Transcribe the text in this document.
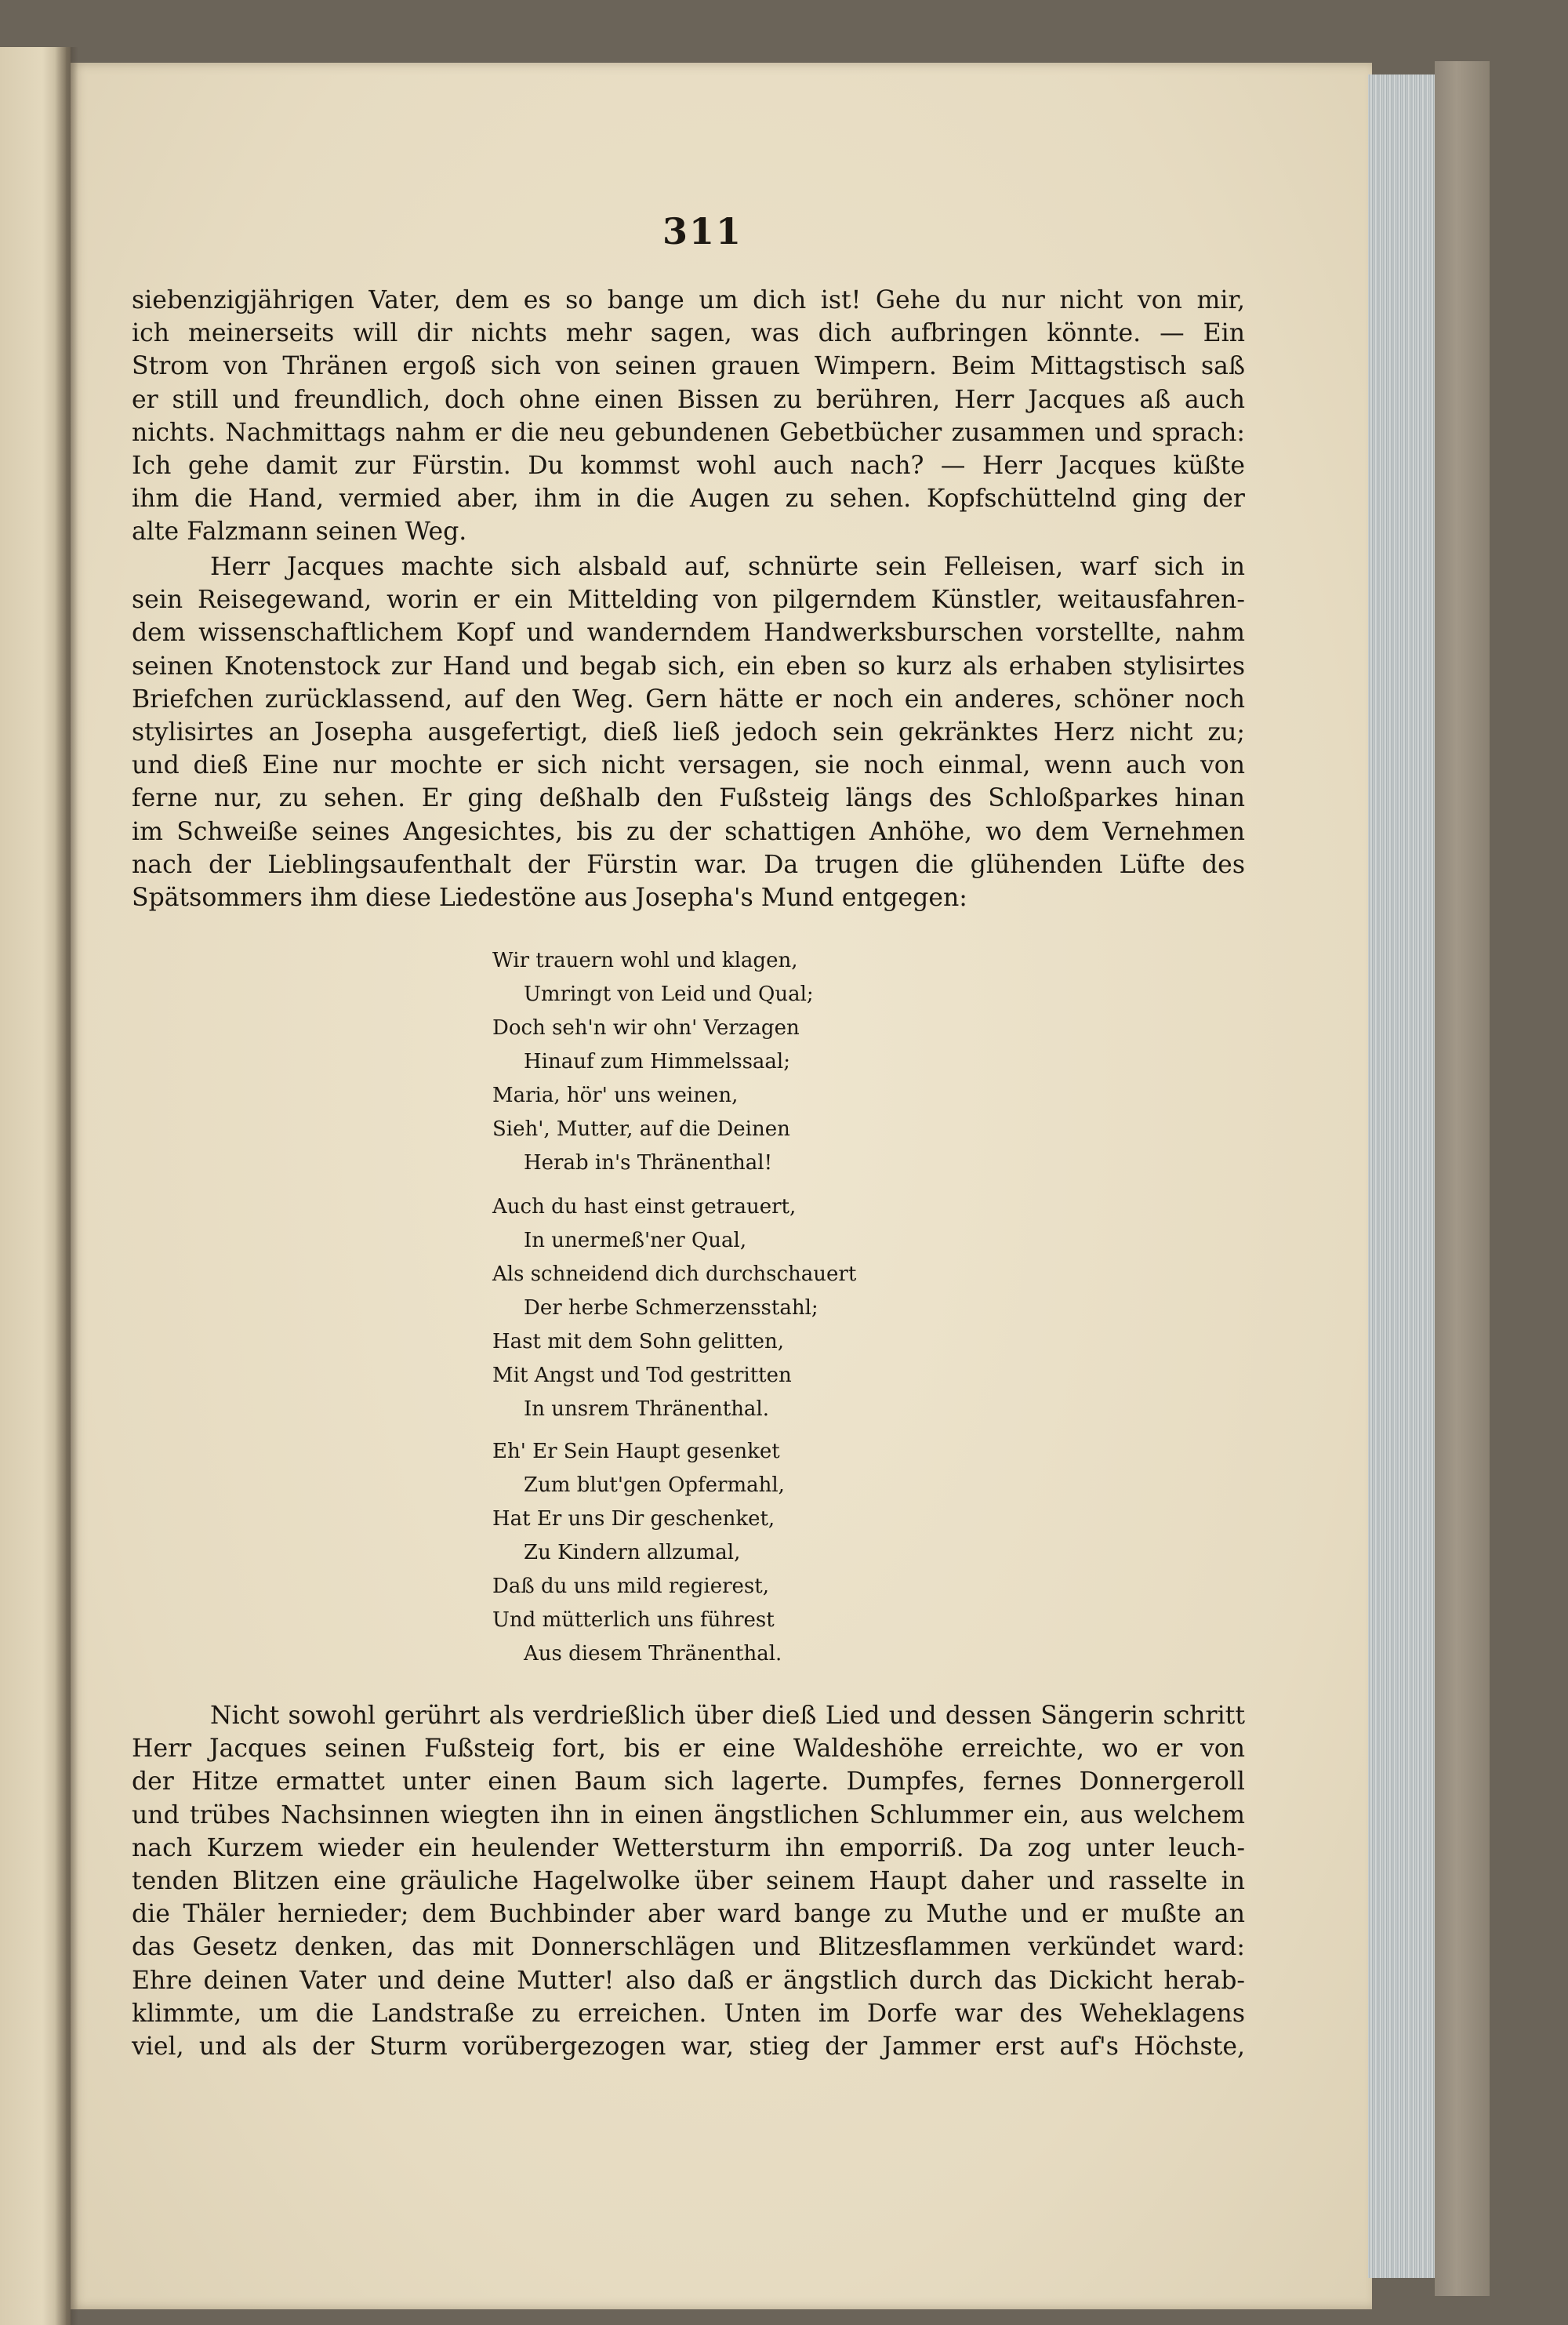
311
siebenzigjährigen Vater, dem es so bange um dich ist! Gehe du nur nicht von mir,
ich meinerseits will dir nichts mehr sagen, was dich aufbringen könnte. — Ein
Strom von Thränen ergoß sich von seinen grauen Wimpern. Beim Mittagstisch saß
er still und freundlich, doch ohne einen Bissen zu berühren, Herr Jacques aß auch
nichts. Nachmittags nahm er die neu gebundenen Gebetbücher zusammen und sprach:
Ich gehe damit zur Fürstin. Du kommst wohl auch nach? — Herr Jacques küßte
ihm die Hand, vermied aber, ihm in die Augen zu sehen. Kopfschüttelnd ging der
alte Falzmann seinen Weg.
Herr Jacques machte sich alsbald auf, schnürte sein Felleisen, warf sich in
sein Reisegewand, worin er ein Mittelding von pilgerndem Künstler, weitausfahren-
dem wissenschaftlichem Kopf und wanderndem Handwerksburschen vorstellte, nahm
seinen Knotenstock zur Hand und begab sich, ein eben so kurz als erhaben stylisirtes
Briefchen zurücklassend, auf den Weg. Gern hätte er noch ein anderes, schöner noch
stylisirtes an Josepha ausgefertigt, dieß ließ jedoch sein gekränktes Herz nicht zu;
und dieß Eine nur mochte er sich nicht versagen, sie noch einmal, wenn auch von
ferne nur, zu sehen. Er ging deßhalb den Fußsteig längs des Schloßparkes hinan
im Schweiße seines Angesichtes, bis zu der schattigen Anhöhe, wo dem Vernehmen
nach der Lieblingsaufenthalt der Fürstin war. Da trugen die glühenden Lüfte des
Spätsommers ihm diese Liedestöne aus Josepha's Mund entgegen:
Wir trauern wohl und klagen,
Umringt von Leid und Qual;
Doch seh'n wir ohn' Verzagen
Hinauf zum Himmelssaal;
Maria, hör' uns weinen,
Sieh', Mutter, auf die Deinen
Herab in's Thränenthal!
Auch du hast einst getrauert,
In unermeß'ner Qual,
Als schneidend dich durchschauert
Der herbe Schmerzensstahl;
Hast mit dem Sohn gelitten,
Mit Angst und Tod gestritten
In unsrem Thränenthal.
Eh' Er Sein Haupt gesenket
Zum blut'gen Opfermahl,
Hat Er uns Dir geschenket,
Zu Kindern allzumal,
Daß du uns mild regierest,
Und mütterlich uns führest
Aus diesem Thränenthal.
Nicht sowohl gerührt als verdrießlich über dieß Lied und dessen Sängerin schritt
Herr Jacques seinen Fußsteig fort, bis er eine Waldeshöhe erreichte, wo er von
der Hitze ermattet unter einen Baum sich lagerte. Dumpfes, fernes Donnergeroll
und trübes Nachsinnen wiegten ihn in einen ängstlichen Schlummer ein, aus welchem
nach Kurzem wieder ein heulender Wettersturm ihn emporriß. Da zog unter leuch-
tenden Blitzen eine gräuliche Hagelwolke über seinem Haupt daher und rasselte in
die Thäler hernieder; dem Buchbinder aber ward bange zu Muthe und er mußte an
das Gesetz denken, das mit Donnerschlägen und Blitzesflammen verkündet ward:
Ehre deinen Vater und deine Mutter! also daß er ängstlich durch das Dickicht herab-
klimmte, um die Landstraße zu erreichen. Unten im Dorfe war des Weheklagens
viel, und als der Sturm vorübergezogen war, stieg der Jammer erst auf's Höchste,
